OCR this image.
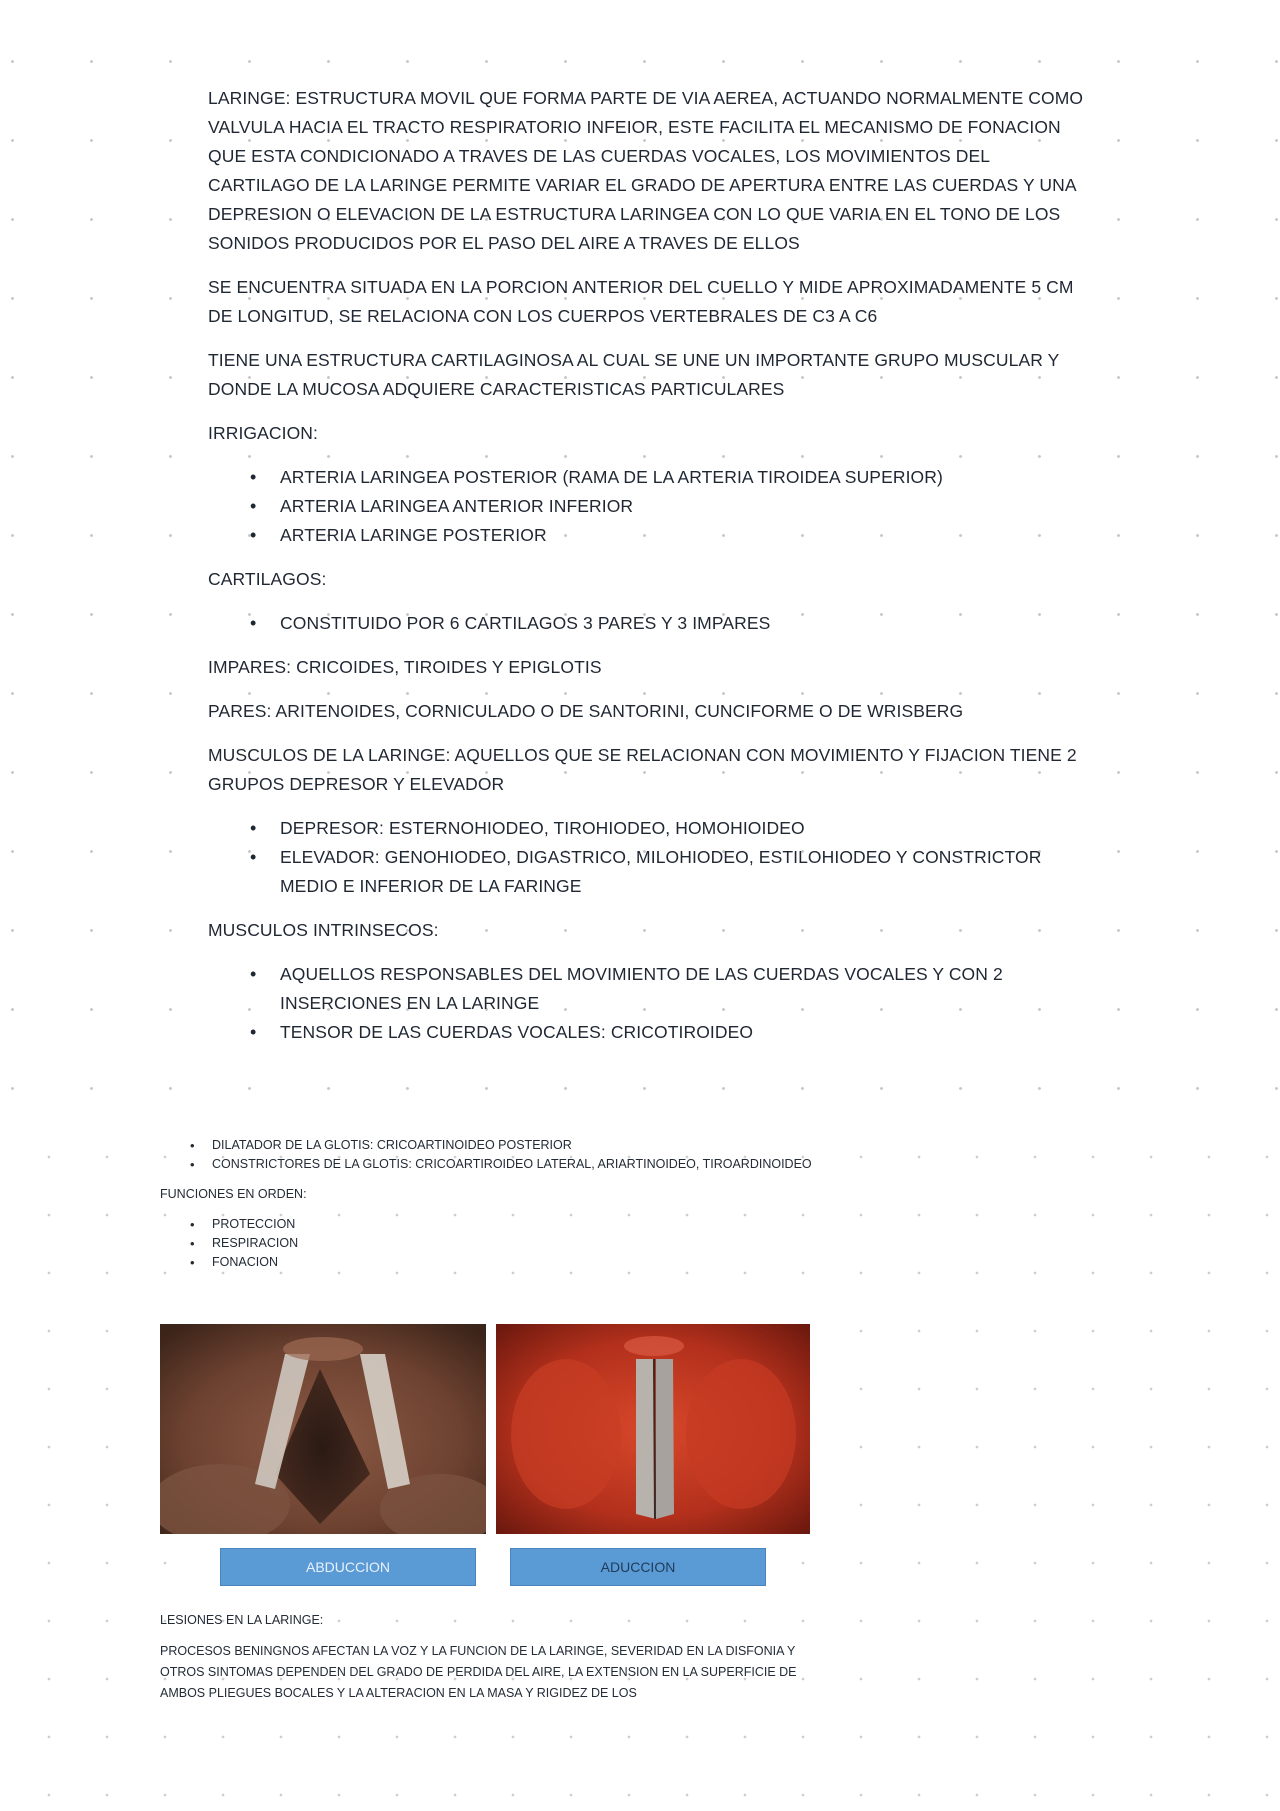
LARINGE: ESTRUCTURA MOVIL QUE FORMA PARTE DE VIA AEREA, ACTUANDO NORMALMENTE COMO VALVULA HACIA EL TRACTO RESPIRATORIO INFEIOR, ESTE FACILITA EL MECANISMO DE FONACION QUE ESTA CONDICIONADO A TRAVES DE LAS CUERDAS VOCALES, LOS MOVIMIENTOS DEL CARTILAGO DE LA LARINGE PERMITE VARIAR EL GRADO DE APERTURA ENTRE LAS CUERDAS Y UNA DEPRESION O ELEVACION DE LA ESTRUCTURA LARINGEA CON LO QUE VARIA EN EL TONO DE LOS SONIDOS PRODUCIDOS POR EL PASO DEL AIRE A TRAVES DE ELLOS

SE ENCUENTRA SITUADA EN LA PORCION ANTERIOR DEL CUELLO Y MIDE APROXIMADAMENTE 5 CM DE LONGITUD, SE RELACIONA CON LOS CUERPOS VERTEBRALES DE C3 A C6

TIENE UNA ESTRUCTURA CARTILAGINOSA AL CUAL SE UNE UN IMPORTANTE GRUPO MUSCULAR Y DONDE LA MUCOSA ADQUIERE CARACTERISTICAS PARTICULARES

IRRIGACION:

• ARTERIA LARINGEA POSTERIOR (RAMA DE LA ARTERIA TIROIDEA SUPERIOR)
• ARTERIA LARINGEA ANTERIOR INFERIOR
• ARTERIA LARINGE POSTERIOR

CARTILAGOS:

• CONSTITUIDO POR 6 CARTILAGOS 3 PARES Y 3 IMPARES

IMPARES: CRICOIDES, TIROIDES Y EPIGLOTIS

PARES: ARITENOIDES, CORNICULADO O DE SANTORINI, CUNCIFORME O DE WRISBERG

MUSCULOS DE LA LARINGE: AQUELLOS QUE SE RELACIONAN CON MOVIMIENTO Y FIJACION TIENE 2 GRUPOS DEPRESOR Y ELEVADOR

• DEPRESOR: ESTERNOHIODEO, TIROHIODEO, HOMOHIOIDEO
• ELEVADOR: GENOHIODEO, DIGASTRICO, MILOHIODEO, ESTILOHIODEO Y CONSTRICTOR MEDIO E INFERIOR DE LA FARINGE

MUSCULOS INTRINSECOS:

• AQUELLOS RESPONSABLES DEL MOVIMIENTO DE LAS CUERDAS VOCALES Y CON 2 INSERCIONES EN LA LARINGE
• TENSOR DE LAS CUERDAS VOCALES: CRICOTIROIDEO
• DILATADOR DE LA GLOTIS: CRICOARTINOIDEO POSTERIOR
• CONSTRICTORES DE LA GLOTIS: CRICOARTIROIDEO LATERAL, ARIARTINOIDEO, TIROARDINOIDEO

FUNCIONES EN ORDEN:

• PROTECCION
• RESPIRACION
• FONACION
ABDUCCION	ADUCCION

LESIONES EN LA LARINGE:

PROCESOS BENINGNOS AFECTAN LA VOZ Y LA FUNCION DE LA LARINGE, SEVERIDAD EN LA DISFONIA Y OTROS SINTOMAS DEPENDEN DEL GRADO DE PERDIDA DEL AIRE, LA EXTENSION EN LA SUPERFICIE DE AMBOS PLIEGUES BOCALES Y LA ALTERACION EN LA MASA Y RIGIDEZ DE LOS
